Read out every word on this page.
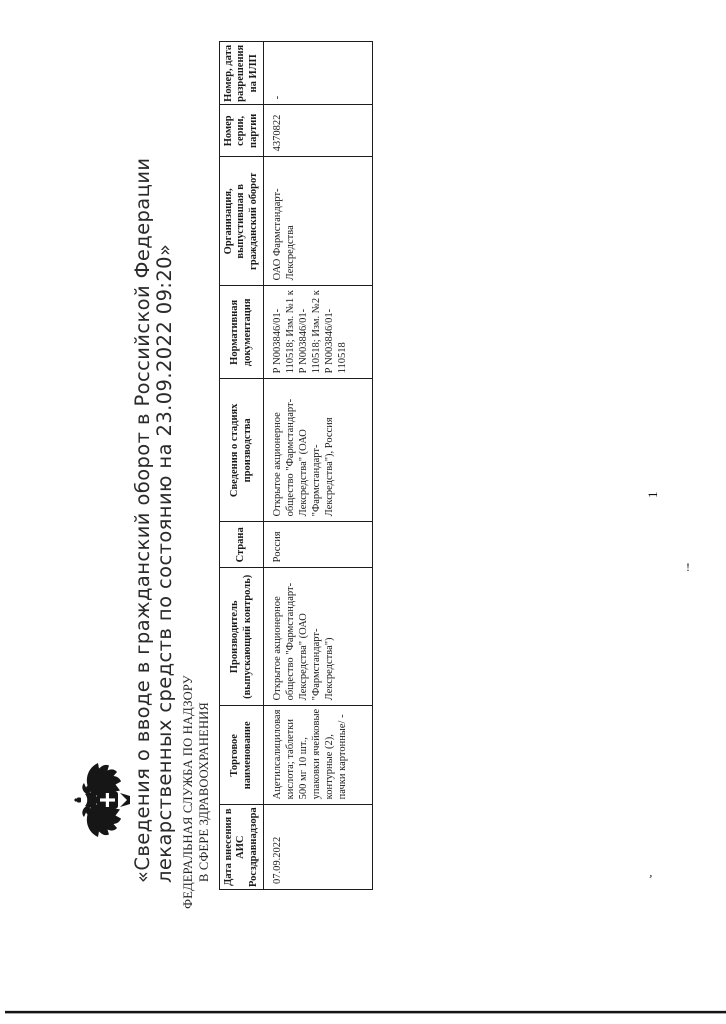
ФЕДЕРАЛЬНАЯ СЛУЖБА ПО НАДЗОРУ В СФЕРЕ ЗДРАВООХРАНЕНИЯ
«Сведения о вводе в гражданский оборот в Российской Федерации лекарственных средств по состоянию на 23.09.2022 09:20»	Дата внесения в АИС Росздравнадзора	Торговое наименование	Производитель (выпускающий контроль)	Страна	Сведения о стадиях производства	Нормативная документация	Организация, выпустившая в гражданский оборот	Номер серии, партии	Номер, дата разрешения на ИЛП
07.09.2022	Ацетилсалициловая кислота; таблетки 500 мг 10 шт., упаковки ячейковые контурные (2), пачки картонные/ -	Открытое акционерное общество "Фармстандарт-Лексредства" (ОАО "Фармстандарт-Лексредства")	Россия	Открытое акционерное общество "Фармстандарт-Лексредства" (ОАО "Фармстандарт-Лексредства"), Россия	Р N003846/01-110518; Изм. №1 к Р N003846/01-110518; Изм. №2 к Р N003846/01-110518	ОАО Фармстандарт-Лексредства	4370822	-
1
!
’
